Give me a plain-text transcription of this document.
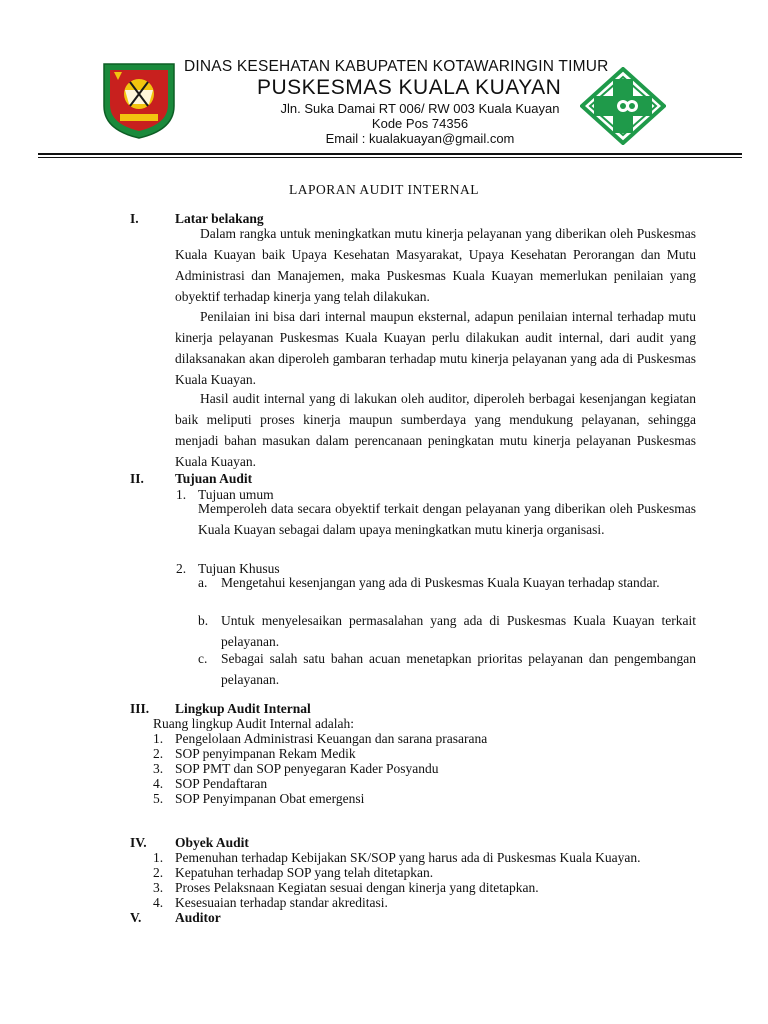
DINAS KESEHATAN KABUPATEN KOTAWARINGIN TIMUR
PUSKESMAS KUALA KUAYAN
Jln. Suka Damai RT 006/ RW 003 Kuala Kuayan
Kode Pos 74356
Email : kualakuayan@gmail.com
LAPORAN AUDIT INTERNAL
I.	Latar belakang
Dalam rangka untuk meningkatkan mutu kinerja pelayanan yang diberikan oleh Puskesmas Kuala Kuayan baik Upaya Kesehatan Masyarakat, Upaya Kesehatan Perorangan dan Mutu Administrasi dan Manajemen, maka Puskesmas Kuala Kuayan memerlukan penilaian yang obyektif terhadap kinerja yang telah dilakukan.
Penilaian ini bisa dari internal maupun eksternal, adapun penilaian internal terhadap mutu kinerja pelayanan Puskesmas Kuala Kuayan perlu dilakukan audit internal, dari audit yang dilaksanakan akan diperoleh gambaran terhadap mutu kinerja pelayanan yang ada di Puskesmas Kuala Kuayan.
Hasil audit internal yang di lakukan oleh auditor, diperoleh berbagai kesenjangan kegiatan baik meliputi proses kinerja maupun sumberdaya yang mendukung pelayanan, sehingga menjadi bahan masukan dalam perencanaan peningkatan mutu kinerja pelayanan Puskesmas Kuala Kuayan.
II. Tujuan Audit
1. Tujuan umum
Memperoleh data secara obyektif terkait dengan pelayanan yang diberikan oleh Puskesmas Kuala Kuayan sebagai dalam upaya meningkatkan mutu kinerja organisasi.
2. Tujuan Khusus
a. Mengetahui kesenjangan yang ada di Puskesmas Kuala Kuayan terhadap standar.
b. Untuk menyelesaikan permasalahan yang ada di Puskesmas Kuala Kuayan terkait pelayanan.
c. Sebagai salah satu bahan acuan menetapkan prioritas pelayanan dan pengembangan pelayanan.
III. Lingkup Audit Internal
Ruang lingkup Audit Internal adalah:
1. Pengelolaan Administrasi Keuangan dan sarana prasarana
2. SOP penyimpanan Rekam Medik
3. SOP PMT dan SOP penyegaran Kader Posyandu
4. SOP Pendaftaran
5. SOP Penyimpanan Obat emergensi
IV. Obyek Audit
1. Pemenuhan terhadap Kebijakan SK/SOP yang harus ada di Puskesmas Kuala Kuayan.
2. Kepatuhan terhadap SOP yang telah ditetapkan.
3. Proses Pelaksnaan Kegiatan sesuai dengan kinerja yang ditetapkan.
4. Kesesuaian terhadap standar akreditasi.
V. Auditor
